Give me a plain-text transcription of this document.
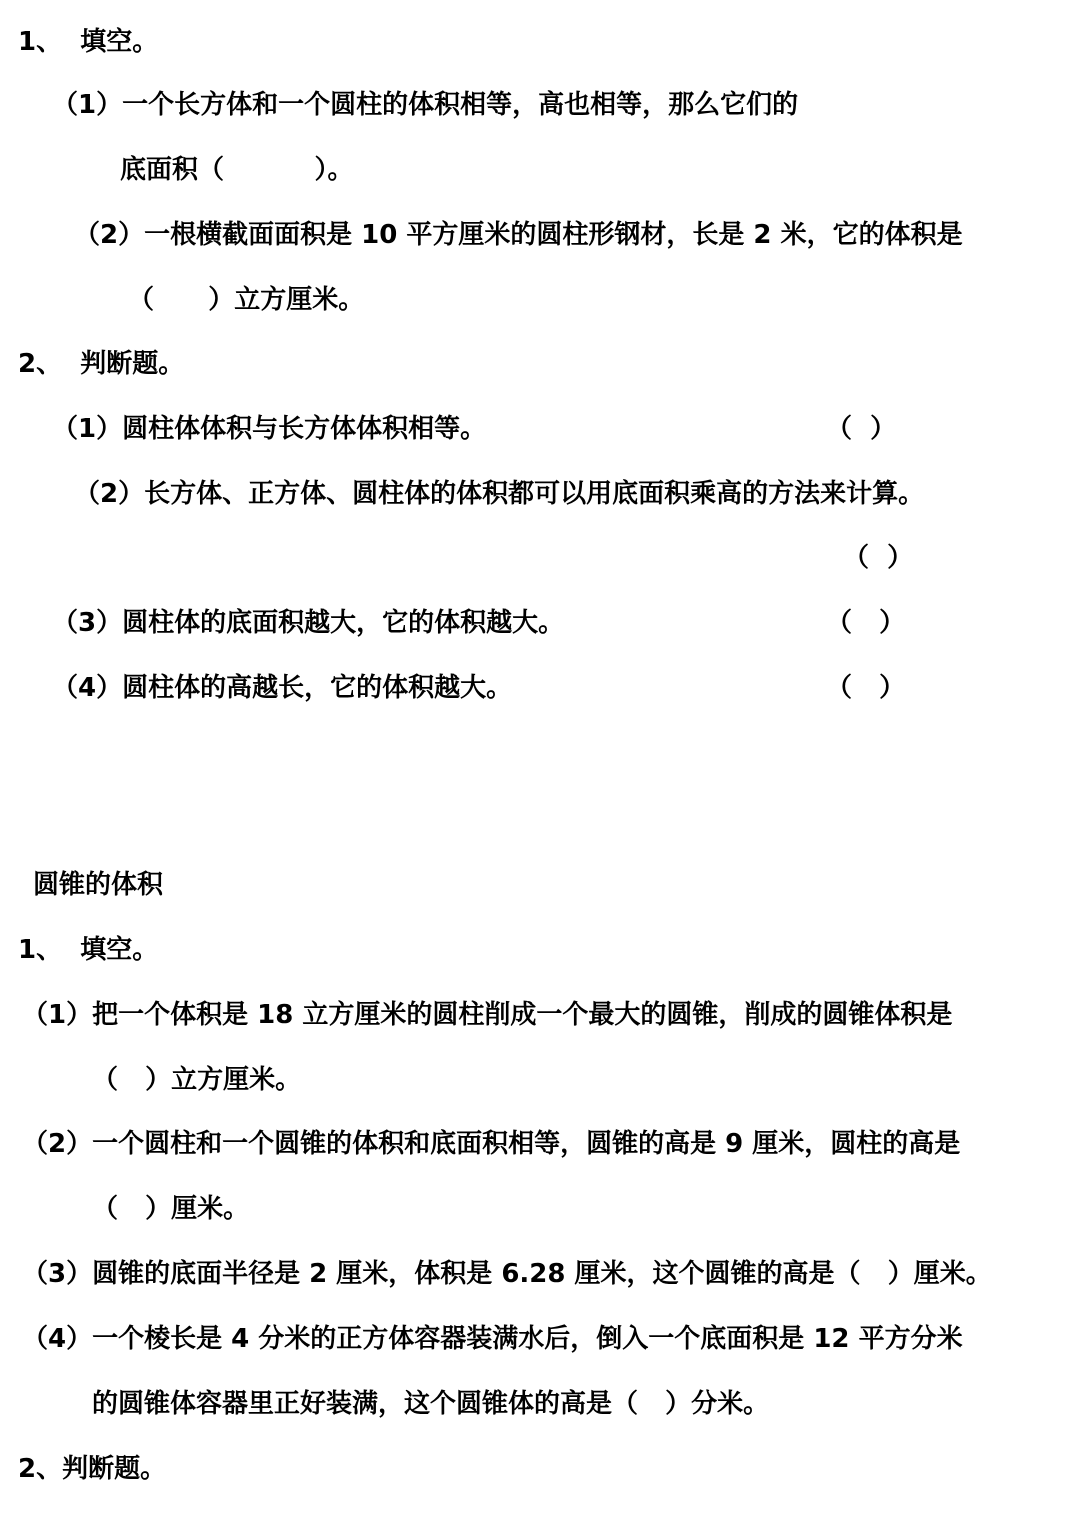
1、  填空。
（1）一个长方体和一个圆柱的体积相等，高也相等，那么它们的
底面积（          ）。
（2）一根横截面面积是 10 平方厘米的圆柱形钢材，长是 2 米，它的体积是
（      ）立方厘米。
2、  判断题。
（1）圆柱体体积与长方体体积相等。	（  ）
（2）长方体、正方体、圆柱体的体积都可以用底面积乘高的方法来计算。
（  ）
（3）圆柱体的底面积越大，它的体积越大。	（   ）
（4）圆柱体的高越长，它的体积越大。	（   ）
圆锥的体积
1、  填空。
（1）把一个体积是 18 立方厘米的圆柱削成一个最大的圆锥，削成的圆锥体积是
（   ）立方厘米。
（2）一个圆柱和一个圆锥的体积和底面积相等，圆锥的高是 9 厘米，圆柱的高是
（   ）厘米。
（3）圆锥的底面半径是 2 厘米，体积是 6.28 厘米，这个圆锥的高是（   ）厘米。
（4）一个棱长是 4 分米的正方体容器装满水后，倒入一个底面积是 12 平方分米
的圆锥体容器里正好装满，这个圆锥体的高是（   ）分米。
2、判断题。
